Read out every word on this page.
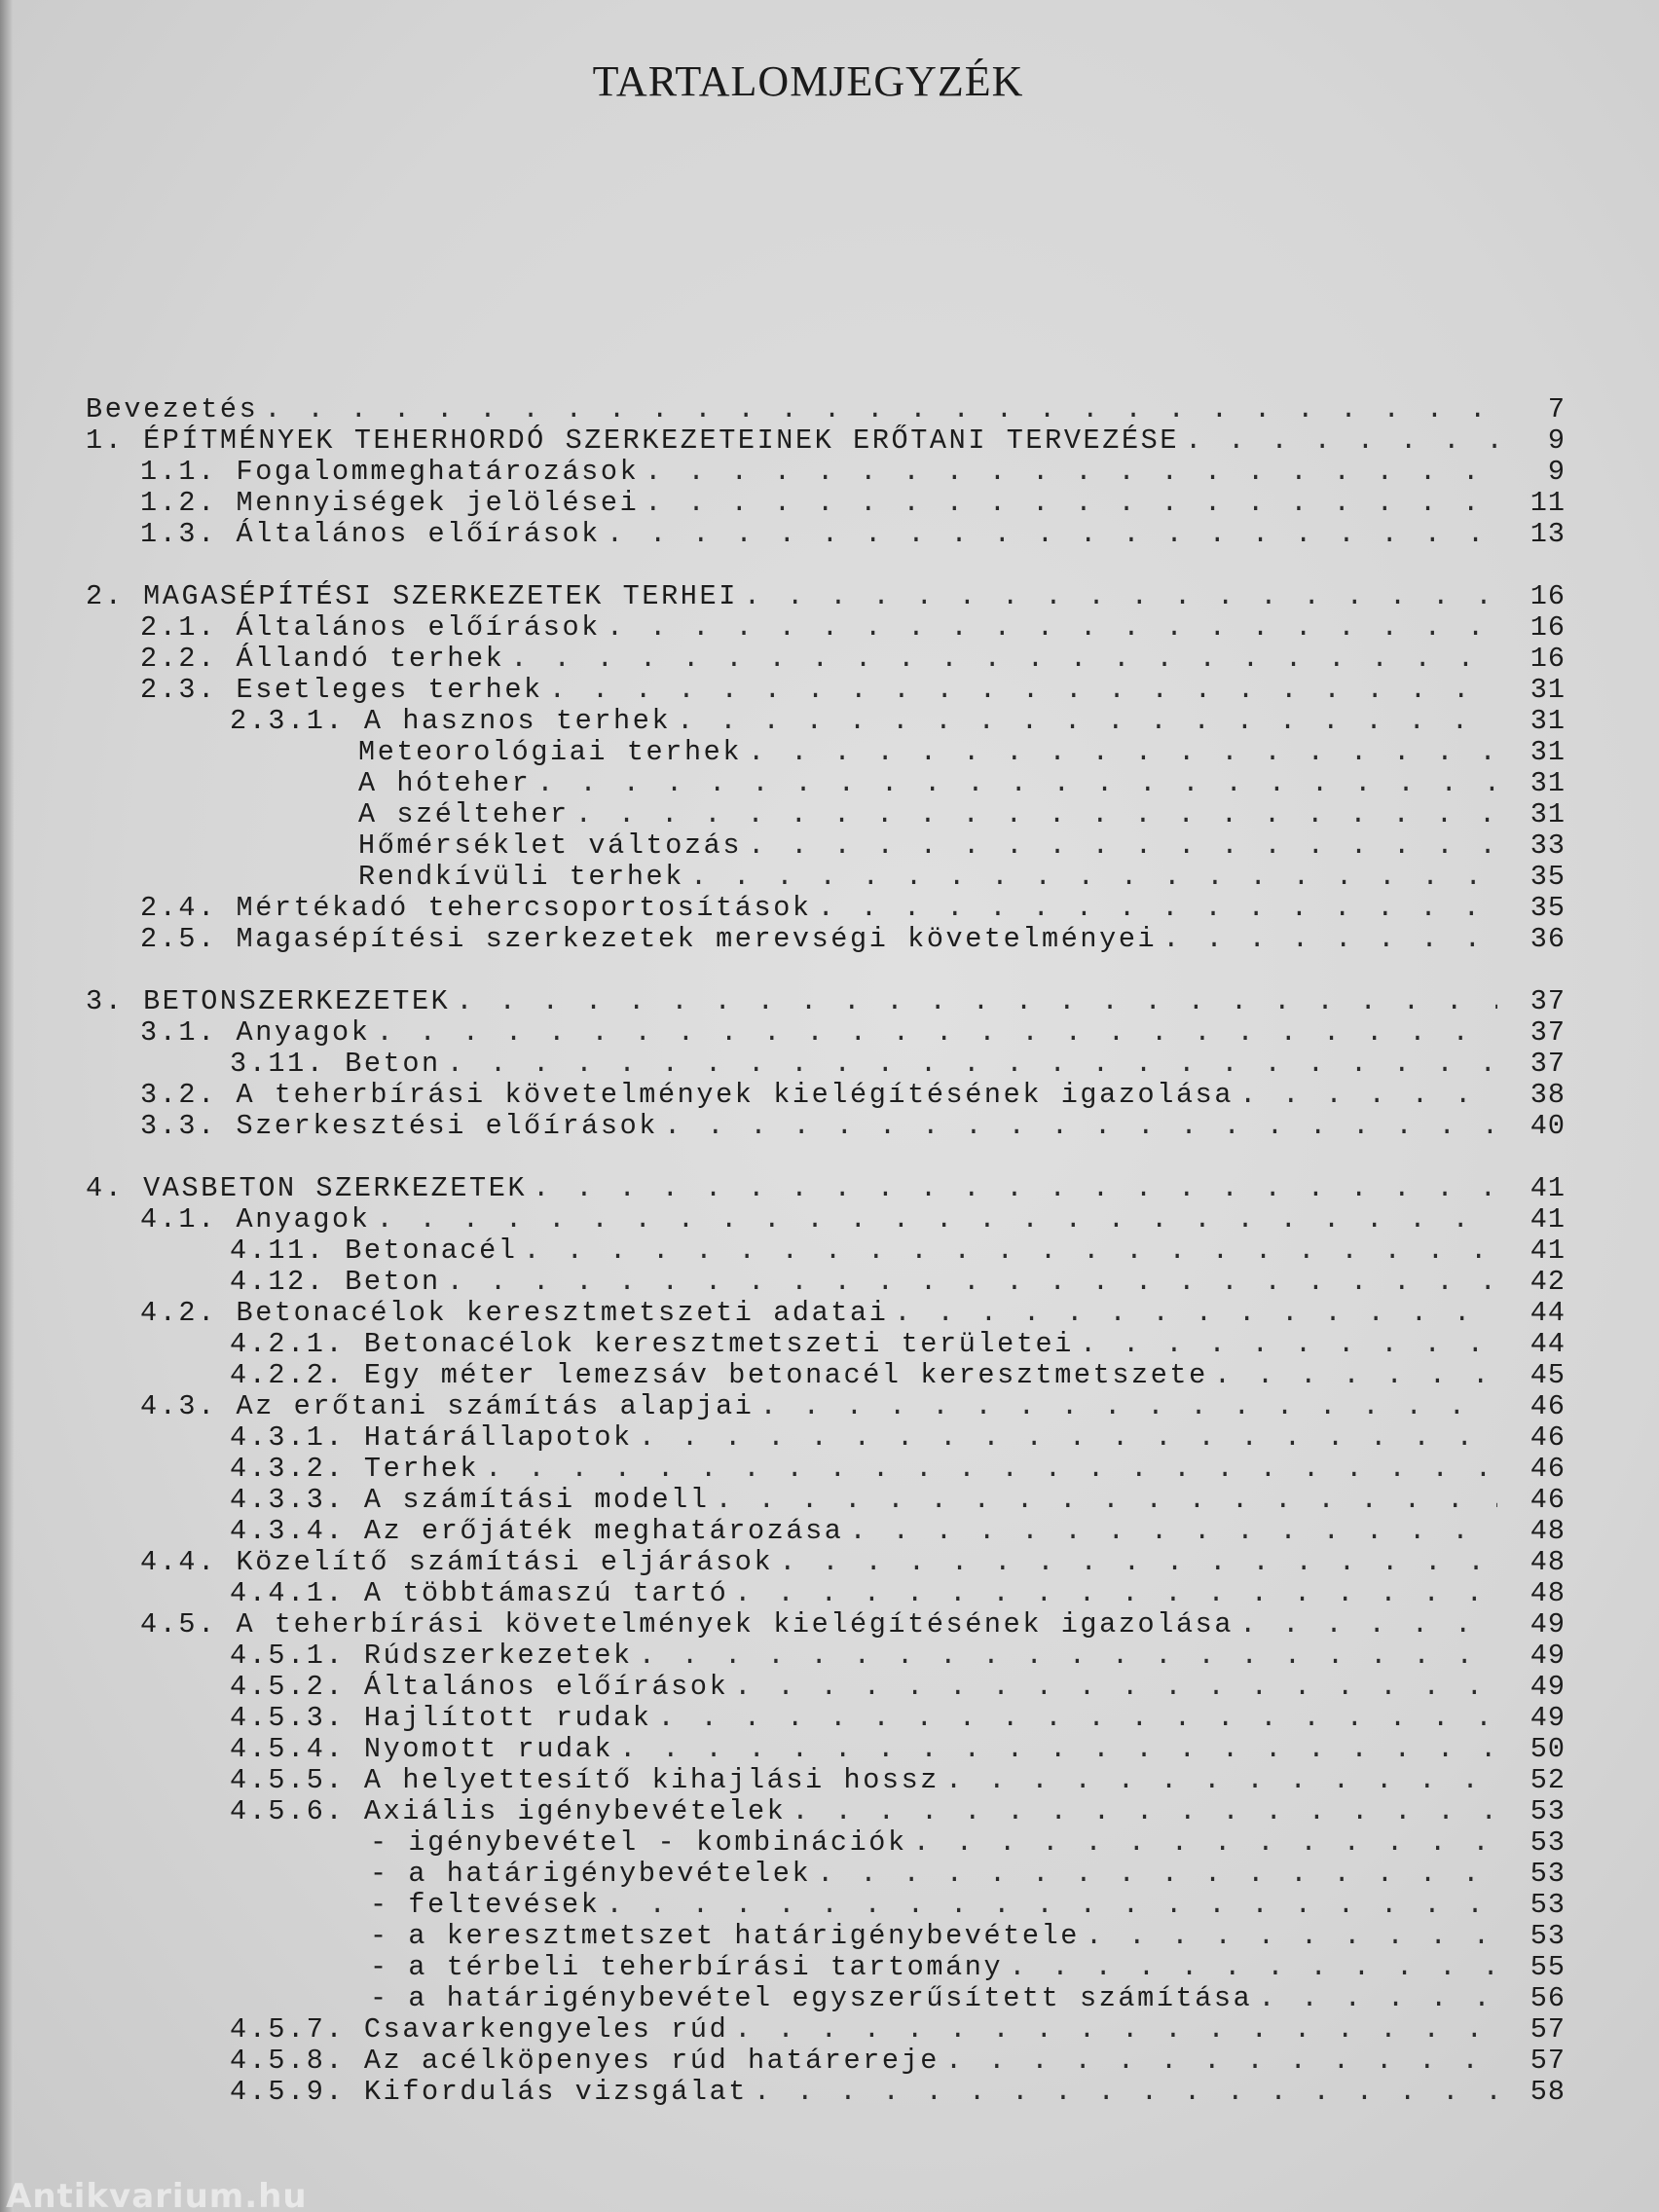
TARTALOMJEGYZÉK
Bevezetés . . .	7
1. ÉPÍTMÉNYEK TEHERHORDÓ SZERKEZETEINEK ERŐTANI TERVEZÉSE . . .	9
1.1. Fogalommeghatározások . . .	9
1.2. Mennyiségek jelölései . . .	11
1.3. Általános előírások . . .	13
2. MAGASÉPÍTÉSI SZERKEZETEK TERHEI . . .	16
2.1. Általános előírások . . .	16
2.2. Állandó terhek . . .	16
2.3. Esetleges terhek . . .	31
2.3.1. A hasznos terhek . . .	31
Meteorológiai terhek . . .	31
A hóteher . . .	31
A szélteher . . .	31
Hőmérséklet változás . . .	33
Rendkívüli terhek . . .	35
2.4. Mértékadó tehercsoportosítások . . .	35
2.5. Magasépítési szerkezetek merevségi követelményei . . .	36
3. BETONSZERKEZETEK . . .	37
3.1. Anyagok . . .	37
3.11. Beton . . .	37
3.2. A teherbírási követelmények kielégítésének igazolása . . .	38
3.3. Szerkesztési előírások . . .	40
4. VASBETON SZERKEZETEK . . .	41
4.1. Anyagok . . .	41
4.11. Betonacél . . .	41
4.12. Beton . . .	42
4.2. Betonacélok keresztmetszeti adatai . . .	44
4.2.1. Betonacélok keresztmetszeti területei . . .	44
4.2.2. Egy méter lemezsáv betonacél keresztmetszete . . .	45
4.3. Az erőtani számítás alapjai . . .	46
4.3.1. Határállapotok . . .	46
4.3.2. Terhek . . .	46
4.3.3. A számítási modell . . .	46
4.3.4. Az erőjáték meghatározása . . .	48
4.4. Közelítő számítási eljárások . . .	48
4.4.1. A többtámaszú tartó . . .	48
4.5. A teherbírási követelmények kielégítésének igazolása . . .	49
4.5.1. Rúdszerkezetek . . .	49
4.5.2. Általános előírások . . .	49
4.5.3. Hajlított rudak . . .	49
4.5.4. Nyomott rudak . . .	50
4.5.5. A helyettesítő kihajlási hossz . . .	52
4.5.6. Axiális igénybevételek . . .	53
- igénybevétel - kombinációk . . .	53
- a határigénybevételek . . .	53
- feltevések . . .	53
- a keresztmetszet határigénybevétele . . .	53
- a térbeli teherbírási tartomány . . .	55
- a határigénybevétel egyszerűsített számítása . . .	56
4.5.7. Csavarkengyeles rúd . . .	57
4.5.8. Az acélköpenyes rúd határereje . . .	57
4.5.9. Kifordulás vizsgálat . . .	58
Antikvarium.hu
